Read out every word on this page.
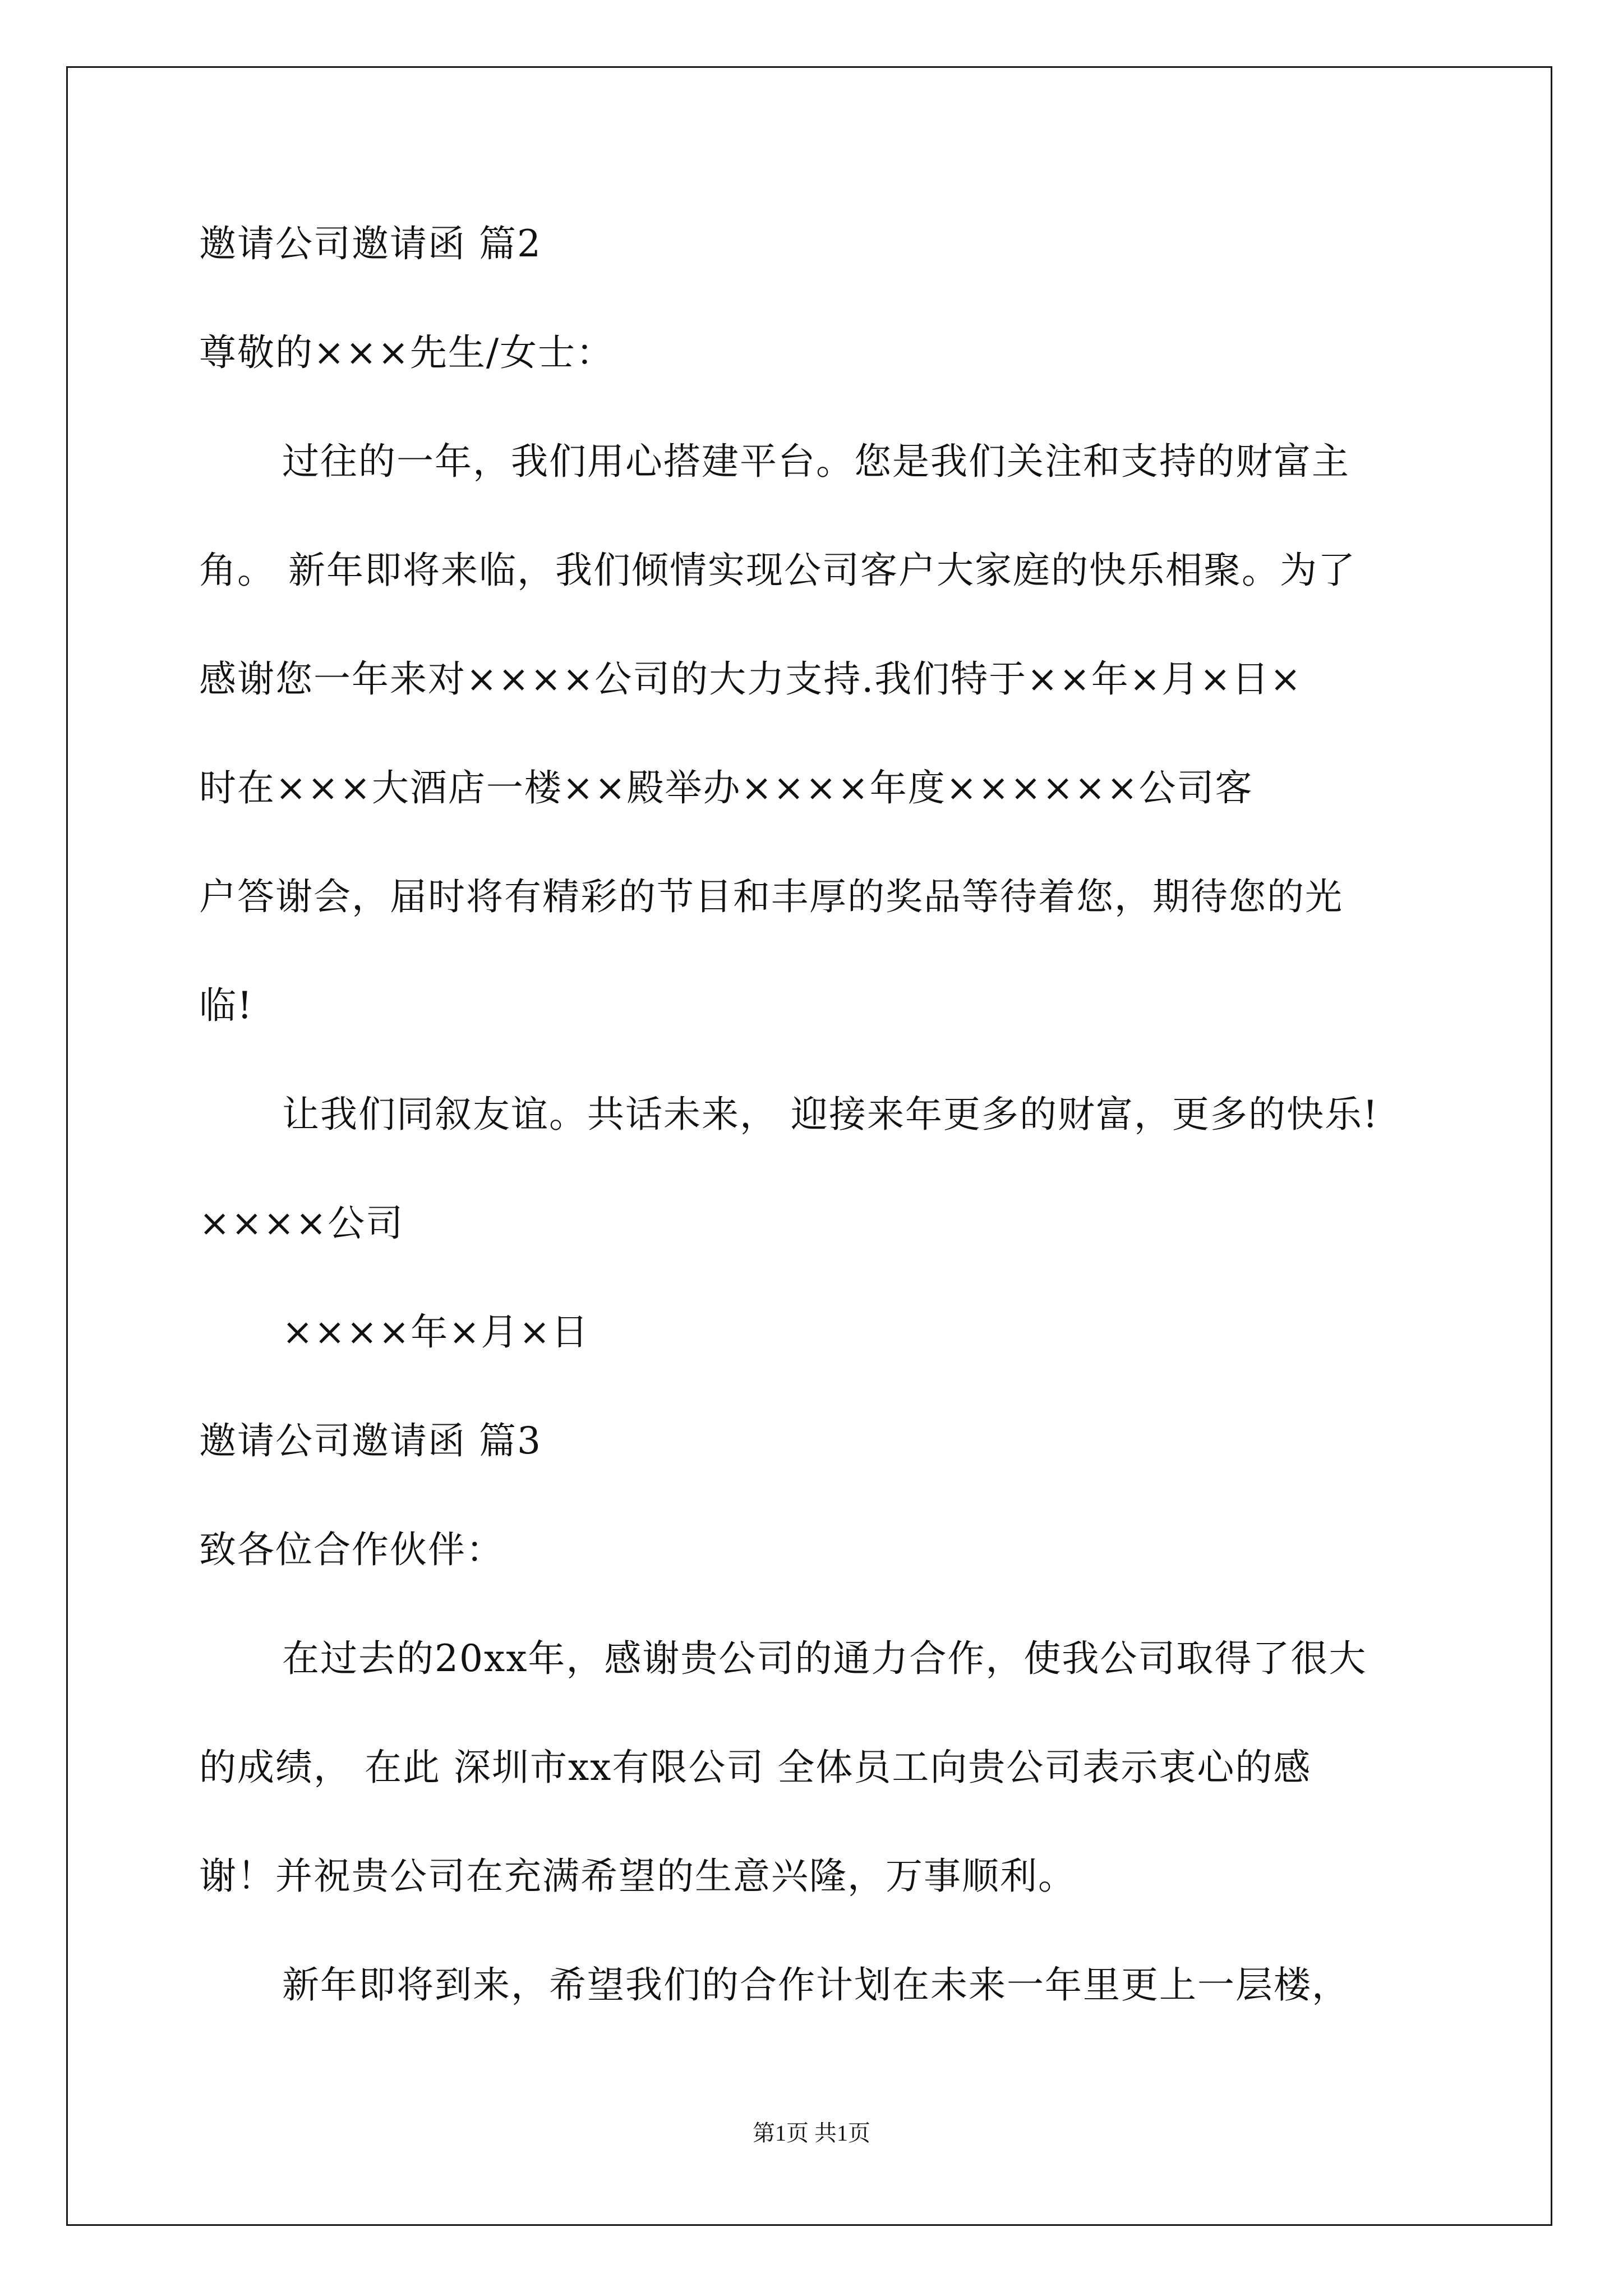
邀请公司邀请函 篇2
尊敬的×××先生/女士：
过往的一年，我们用心搭建平台。您是我们关注和支持的财富主
角。 新年即将来临，我们倾情实现公司客户大家庭的快乐相聚。为了
感谢您一年来对××××公司的大力支持.我们特于××年×月×日×
时在×××大酒店一楼××殿举办××××年度××××××公司客
户答谢会，届时将有精彩的节目和丰厚的奖品等待着您，期待您的光
临!
让我们同叙友谊。共话未来， 迎接来年更多的财富，更多的快乐!
××××公司
××××年×月×日
邀请公司邀请函 篇3
致各位合作伙伴：
在过去的20xx年，感谢贵公司的通力合作，使我公司取得了很大
的成绩， 在此 深圳市xx有限公司 全体员工向贵公司表示衷心的感
谢！并祝贵公司在充满希望的生意兴隆，万事顺利。
新年即将到来，希望我们的合作计划在未来一年里更上一层楼，
第1页 共1页
